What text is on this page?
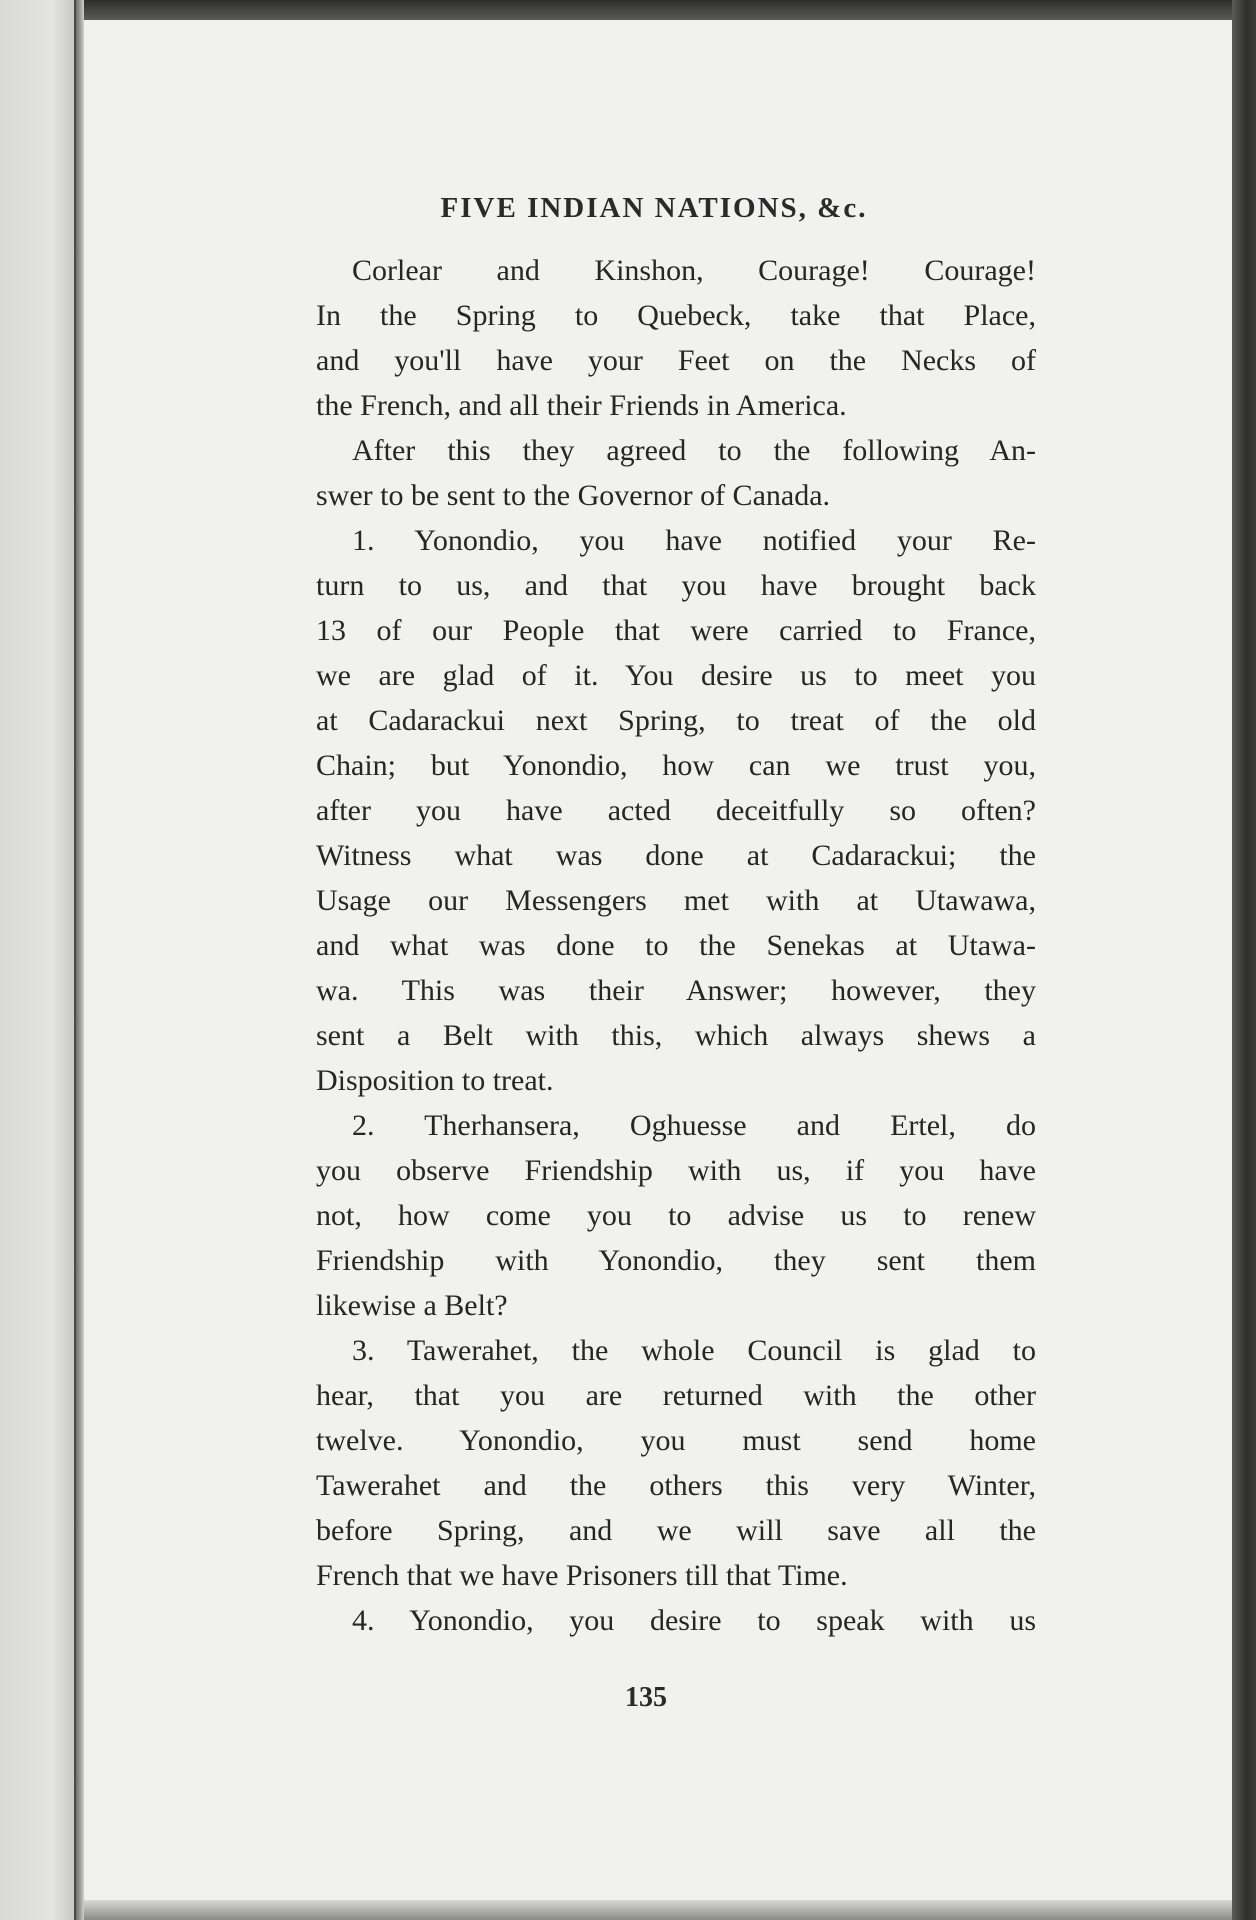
FIVE INDIAN NATIONS, &c.
Corlear and Kinshon, Courage! Courage!
In the Spring to Quebeck, take that Place,
and you'll have your Feet on the Necks of
the French, and all their Friends in America.
After this they agreed to the following An-
swer to be sent to the Governor of Canada.
1. Yonondio, you have notified your Re-
turn to us, and that you have brought back
13 of our People that were carried to France,
we are glad of it. You desire us to meet you
at Cadarackui next Spring, to treat of the old
Chain; but Yonondio, how can we trust you,
after you have acted deceitfully so often?
Witness what was done at Cadarackui; the
Usage our Messengers met with at Utawawa,
and what was done to the Senekas at Utawa-
wa. This was their Answer; however, they
sent a Belt with this, which always shews a
Disposition to treat.
2. Therhansera, Oghuesse and Ertel, do
you observe Friendship with us, if you have
not, how come you to advise us to renew
Friendship with Yonondio, they sent them
likewise a Belt?
3. Tawerahet, the whole Council is glad to
hear, that you are returned with the other
twelve. Yonondio, you must send home
Tawerahet and the others this very Winter,
before Spring, and we will save all the
French that we have Prisoners till that Time.
4. Yonondio, you desire to speak with us
135
